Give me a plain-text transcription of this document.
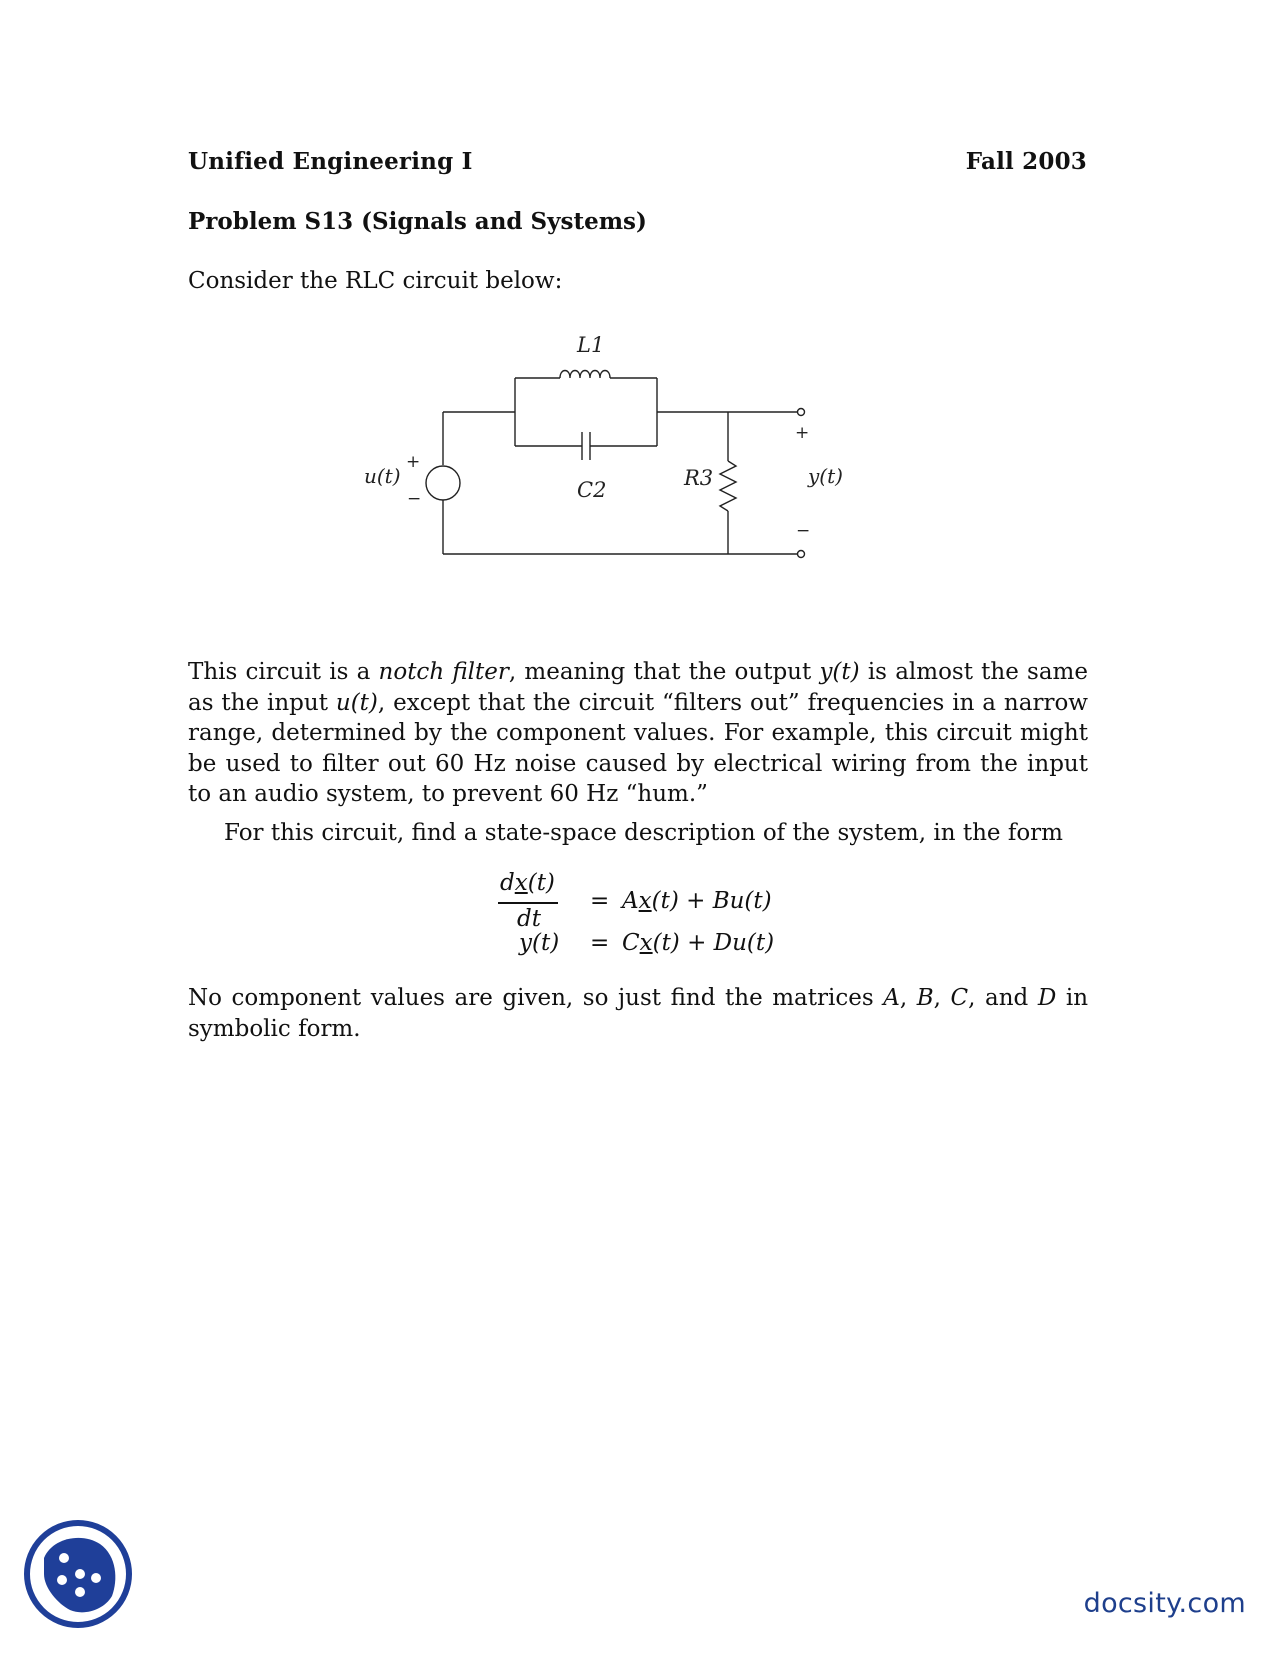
Unified Engineering I	Fall 2003
Problem S13 (Signals and Systems)
Consider the RLC circuit below:
L1
C2	R3
u(t)	y(t)
+
−
+
−
This circuit is a notch filter, meaning that the output y(t) is almost the same as the input u(t), except that the circuit “filters out” frequencies in a narrow range, determined by the component values. For example, this circuit might be used to filter out 60 Hz noise caused by electrical wiring from the input to an audio system, to prevent 60 Hz “hum.”
For this circuit, find a state-space description of the system, in the form
dx(t)
dt
= Ax(t) + Bu(t)
y(t) = Cx(t) + Du(t)
No component values are given, so just find the matrices A, B, C, and D in symbolic form.
docsity.com
